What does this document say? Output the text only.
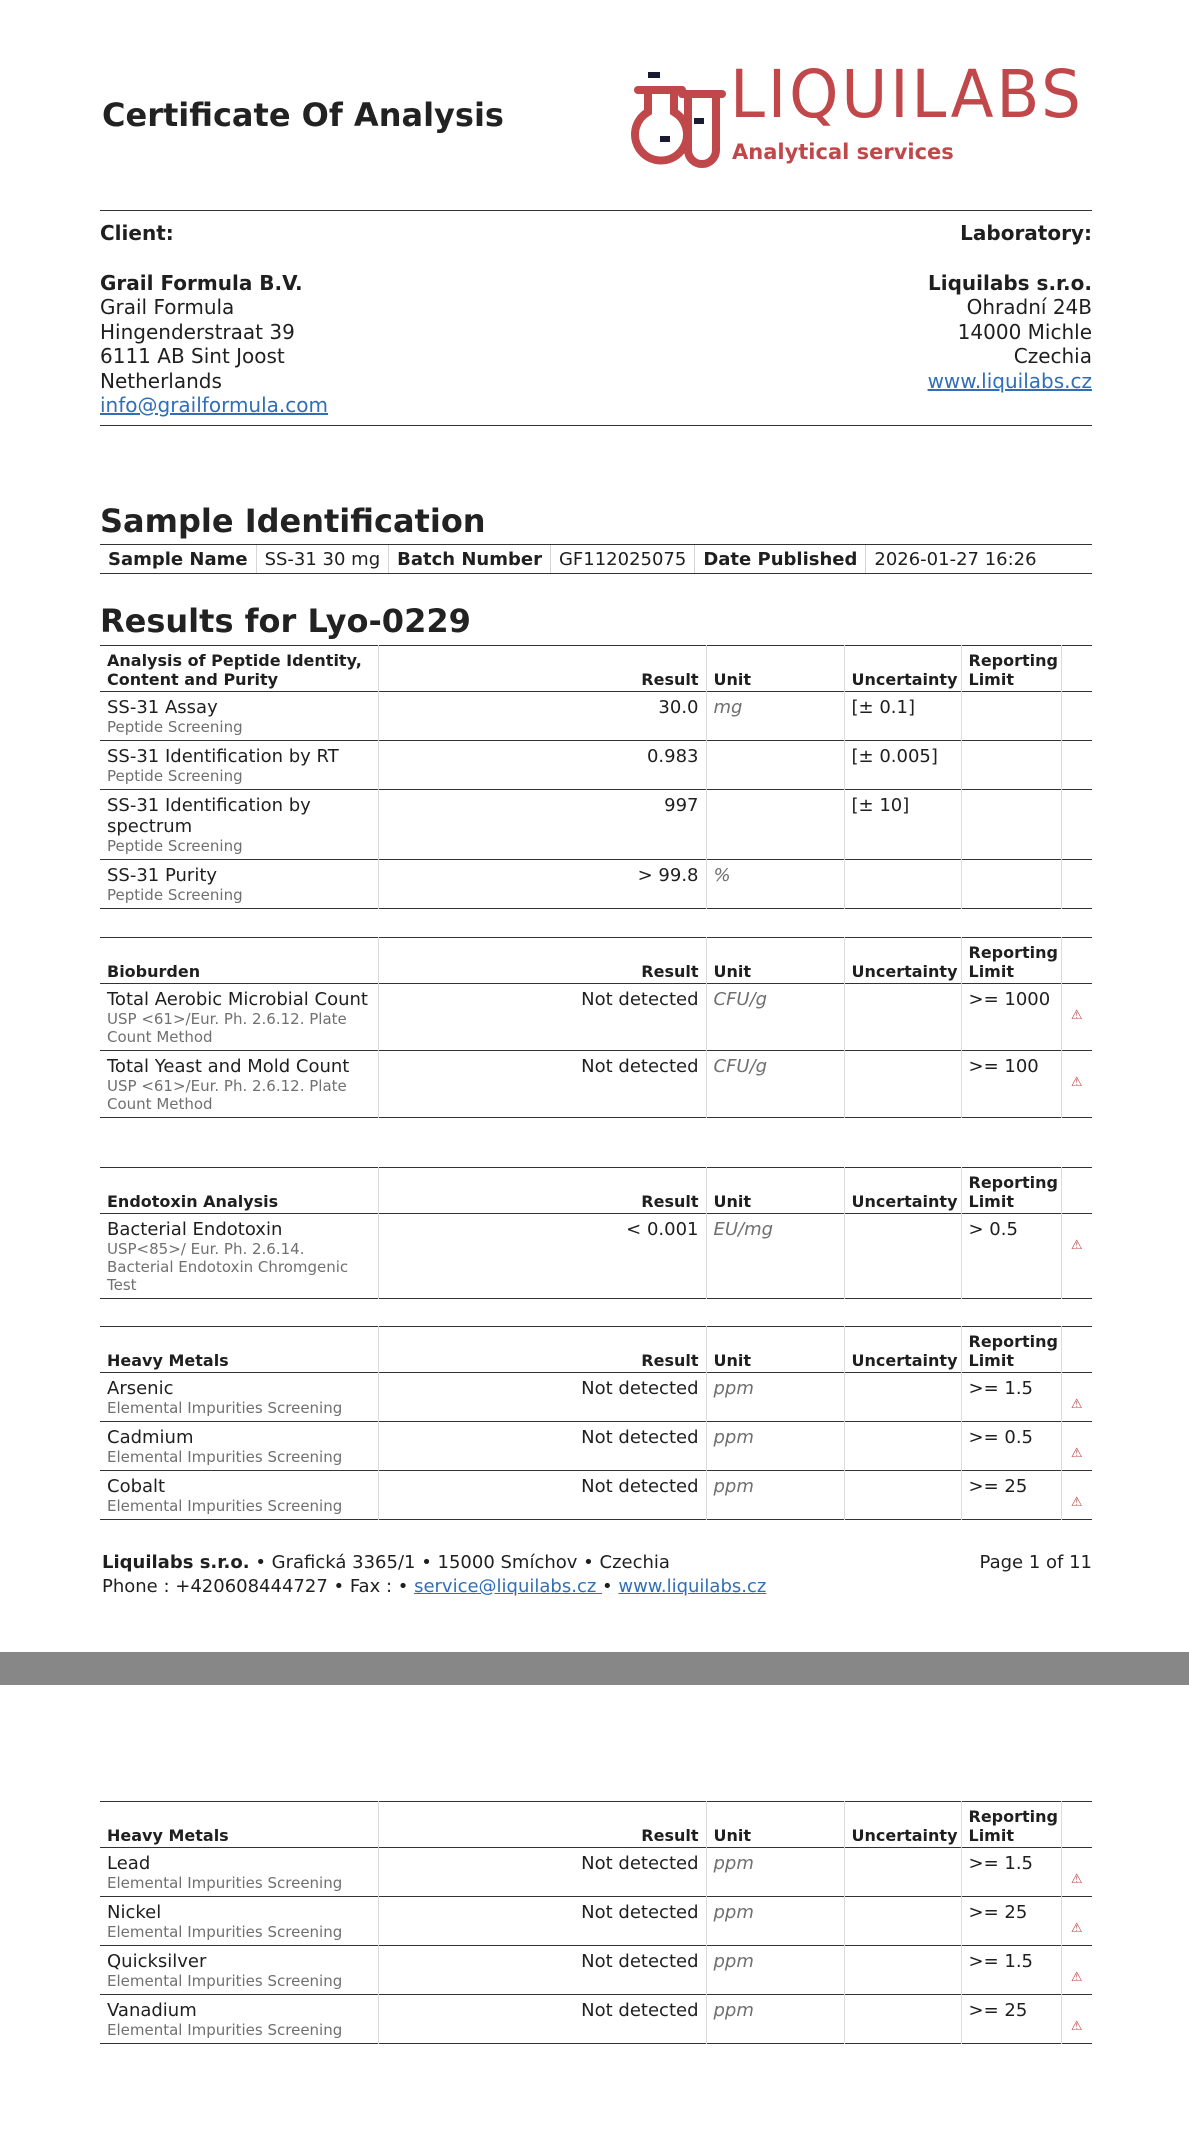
Certificate Of Analysis	LIQUILABS
Analytical services
Client:
Grail Formula B.V.
Grail Formula
Hingenderstraat 39
6111 AB Sint Joost
Netherlands
info@grailformula.com
Laboratory:
Liquilabs s.r.o.
Ohradní 24B
14000 Michle
Czechia
www.liquilabs.cz
Sample Identification
Sample Name SS-31 30 mg Batch Number GF112025075 Date Published 2026-01-27 16:26
Results for Lyo-0229
Analysis of Peptide Identity, Content and Purity	Result	Unit	Uncertainty	Reporting Limit	
SS-31 Assay
Peptide Screening	30.0	mg	[± 0.1]		

SS-31 Identification by RT
Peptide Screening	0.983		[± 0.005]		

SS-31 Identification by spectrum
Peptide Screening	997		[± 10]		

SS-31 Purity
Peptide Screening	> 99.8	%			
Bioburden	Result	Unit	Uncertainty	Reporting Limit	
Total Aerobic Microbial Count
USP <61>/Eur. Ph. 2.6.12. Plate Count Method	Not detected	CFU/g		>= 1000	⚠

Total Yeast and Mold Count
USP <61>/Eur. Ph. 2.6.12. Plate Count Method	Not detected	CFU/g		>= 100	⚠
Endotoxin Analysis	Result	Unit	Uncertainty	Reporting Limit	
Bacterial Endotoxin
USP<85>/ Eur. Ph. 2.6.14. Bacterial Endotoxin Chromgenic Test	< 0.001	EU/mg		> 0.5	⚠
Heavy Metals	Result	Unit	Uncertainty	Reporting Limit	
Arsenic
Elemental Impurities Screening	Not detected	ppm		>= 1.5	⚠

Cadmium
Elemental Impurities Screening	Not detected	ppm		>= 0.5	⚠

Cobalt
Elemental Impurities Screening	Not detected	ppm		>= 25	⚠
Liquilabs s.r.o. • Grafická 3365/1 • 15000 Smíchov • Czechia
Phone : +420608444727 • Fax : • service@liquilabs.cz • www.liquilabs.cz
Page 1 of 11
Heavy Metals	Result	Unit	Uncertainty	Reporting Limit	
Lead
Elemental Impurities Screening	Not detected	ppm		>= 1.5	⚠

Nickel
Elemental Impurities Screening	Not detected	ppm		>= 25	⚠

Quicksilver
Elemental Impurities Screening	Not detected	ppm		>= 1.5	⚠

Vanadium
Elemental Impurities Screening	Not detected	ppm		>= 25	⚠
